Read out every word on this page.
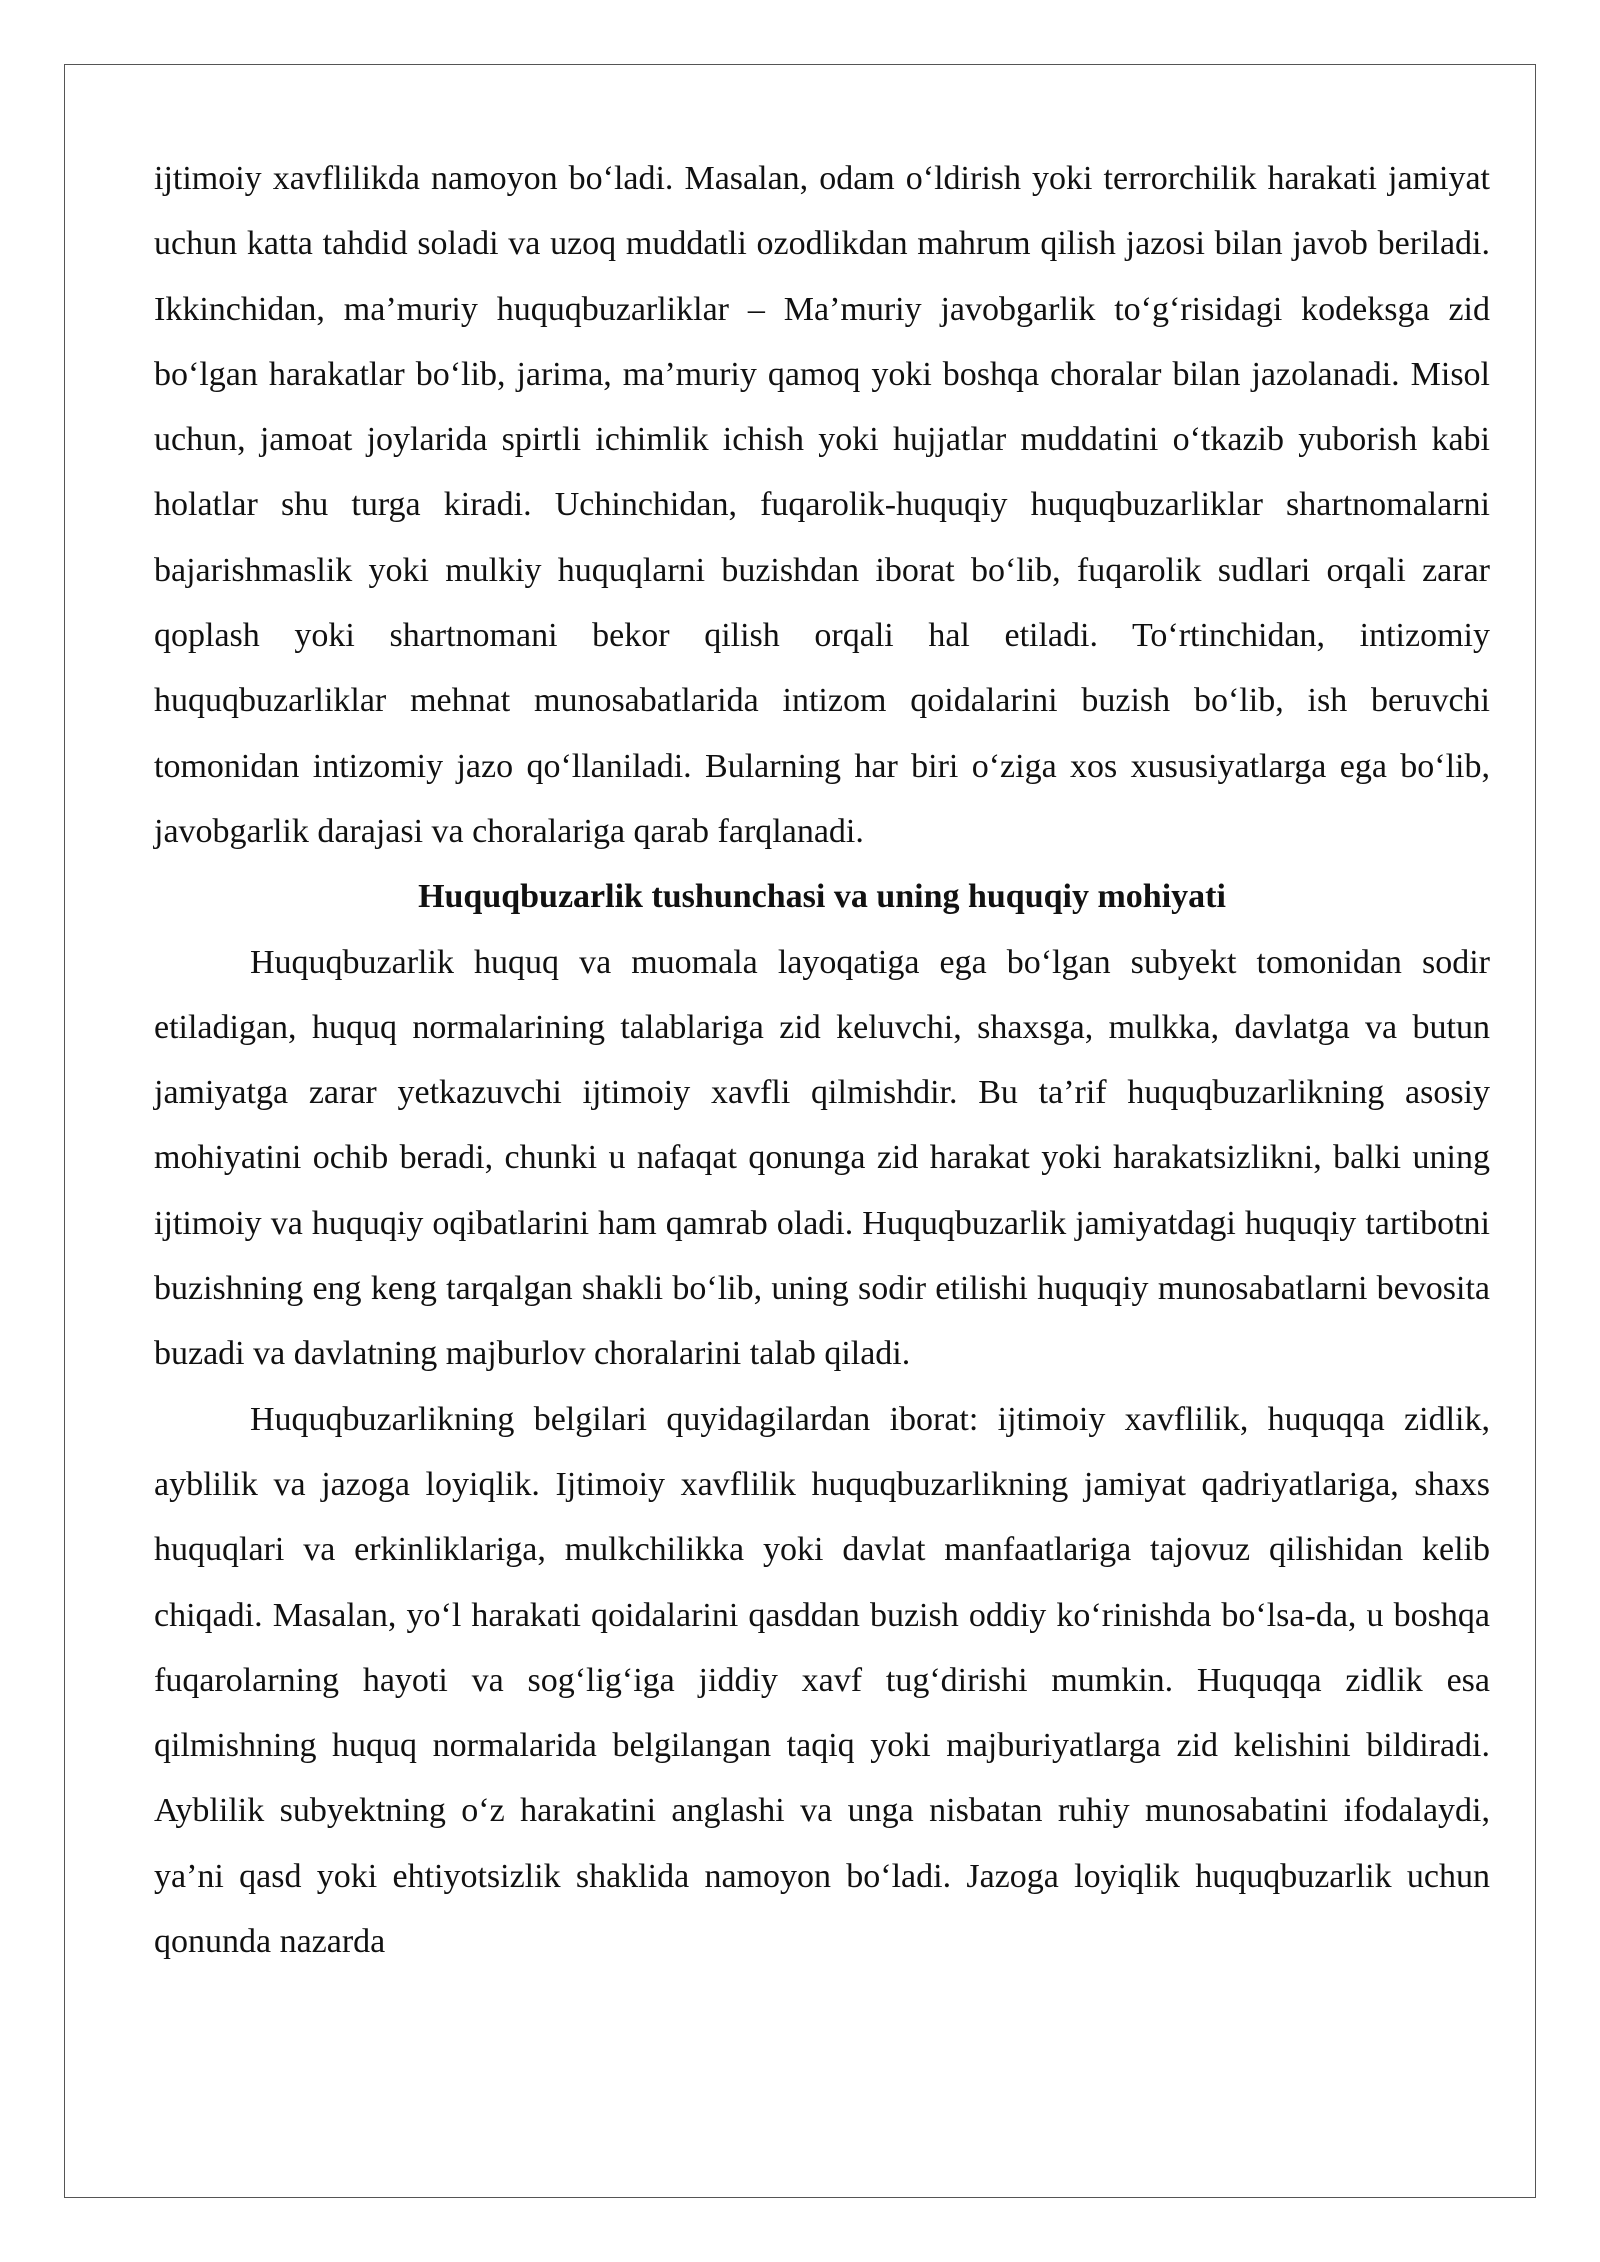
ijtimoiy xavflilikda namoyon bo‘ladi. Masalan, odam o‘ldirish yoki terrorchilik harakati jamiyat uchun katta tahdid soladi va uzoq muddatli ozodlikdan mahrum qilish jazosi bilan javob beriladi. Ikkinchidan, ma’muriy huquqbuzarliklar – Ma’muriy javobgarlik to‘g‘risidagi kodeksga zid bo‘lgan harakatlar bo‘lib, jarima, ma’muriy qamoq yoki boshqa choralar bilan jazolanadi. Misol uchun, jamoat joylarida spirtli ichimlik ichish yoki hujjatlar muddatini o‘tkazib yuborish kabi holatlar shu turga kiradi. Uchinchidan, fuqarolik-huquqiy huquqbuzarliklar shartnomalarni bajarishmaslik yoki mulkiy huquqlarni buzishdan iborat bo‘lib, fuqarolik sudlari orqali zarar qoplash yoki shartnomani bekor qilish orqali hal etiladi. To‘rtinchidan, intizomiy huquqbuzarliklar mehnat munosabatlarida intizom qoidalarini buzish bo‘lib, ish beruvchi tomonidan intizomiy jazo qo‘llaniladi. Bularning har biri o‘ziga xos xususiyatlarga ega bo‘lib, javobgarlik darajasi va choralariga qarab farqlanadi.

Huquqbuzarlik tushunchasi va uning huquqiy mohiyati

Huquqbuzarlik huquq va muomala layoqatiga ega bo‘lgan subyekt tomonidan sodir etiladigan, huquq normalarining talablariga zid keluvchi, shaxsga, mulkka, davlatga va butun jamiyatga zarar yetkazuvchi ijtimoiy xavfli qilmishdir. Bu ta’rif huquqbuzarlikning asosiy mohiyatini ochib beradi, chunki u nafaqat qonunga zid harakat yoki harakatsizlikni, balki uning ijtimoiy va huquqiy oqibatlarini ham qamrab oladi. Huquqbuzarlik jamiyatdagi huquqiy tartibotni buzishning eng keng tarqalgan shakli bo‘lib, uning sodir etilishi huquqiy munosabatlarni bevosita buzadi va davlatning majburlov choralarini talab qiladi.

Huquqbuzarlikning belgilari quyidagilardan iborat: ijtimoiy xavflilik, huquqqa zidlik, ayblilik va jazoga loyiqlik. Ijtimoiy xavflilik huquqbuzarlikning jamiyat qadriyatlariga, shaxs huquqlari va erkinliklariga, mulkchilikka yoki davlat manfaatlariga tajovuz qilishidan kelib chiqadi. Masalan, yo‘l harakati qoidalarini qasddan buzish oddiy ko‘rinishda bo‘lsa-da, u boshqa fuqarolarning hayoti va sog‘lig‘iga jiddiy xavf tug‘dirishi mumkin. Huquqqa zidlik esa qilmishning huquq normalarida belgilangan taqiq yoki majburiyatlarga zid kelishini bildiradi. Ayblilik subyektning o‘z harakatini anglashi va unga nisbatan ruhiy munosabatini ifodalaydi, ya’ni qasd yoki ehtiyotsizlik shaklida namoyon bo‘ladi. Jazoga loyiqlik huquqbuzarlik uchun qonunda nazarda
